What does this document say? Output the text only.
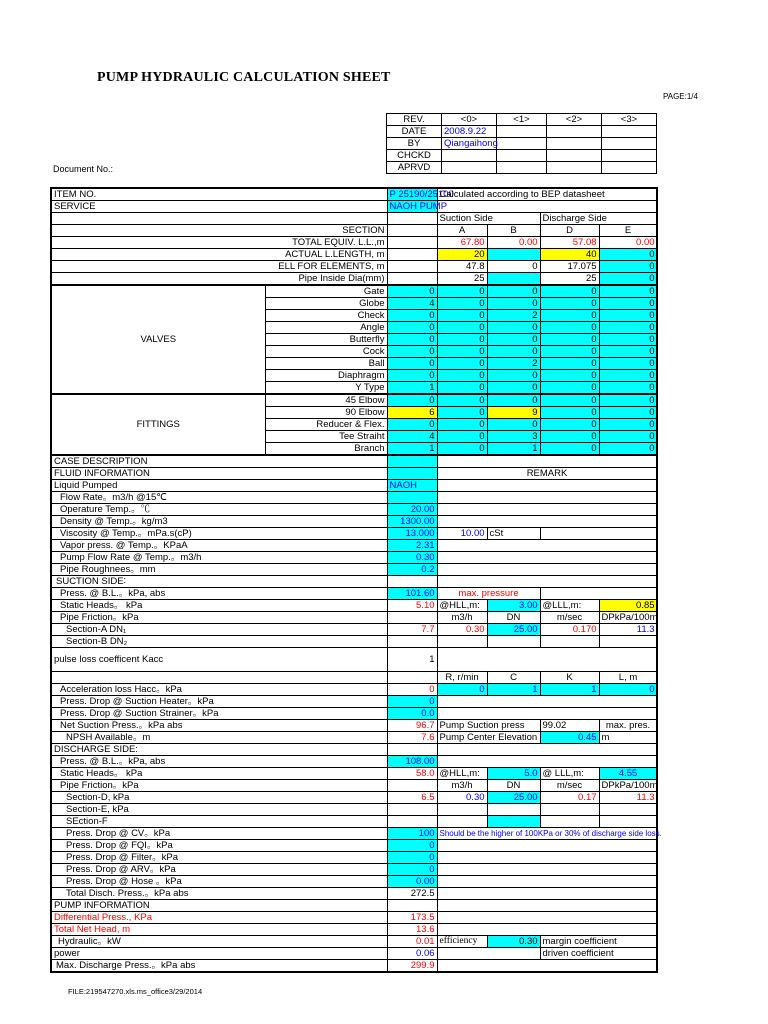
PUMP HYDRAULIC CALCULATION SHEET
PAGE:1/4
Document No.:
REV.	<0>	<1>	<2>	<3>
DATE	2008.9.22			
BY	Qiangaihong			
CHCKD				
APRVD				
ITEM NO.		P 25190/25100	Calculated according to BEP datasheet				
SERVICE		NAOH PUMP					
			Suction Side		Discharge Side		
SECTION			A	B	D	E	
TOTAL EQUIV. L.L.,m			67.80	0.00	57.08	0.00	
ACTUAL L.LENGTH, m			20		40	0	
ELL FOR ELEMENTS, m			47.8	0	17.075	0	
Pipe Inside Dia(mm)			25		25	0	
VALVES	Gate	0	0	0	0	0	
	Globe	4	0	0	0	0	
	Check	0	0	2	0	0	
	Angle	0	0	0	0	0	
	Butterfly	0	0	0	0	0	
	Cock	0	0	0	0	0	
	Ball	0	0	2	0	0	
	Diaphragm	0	0	0	0	0	
	Y Type	1	0	0	0	0	
FITTINGS	45 Elbow	0	0	0	0	0	
	90 Elbow	6	0	9	0	0	
	Reducer & Flex.	0	0	0	0	0	
	Tee Straiht	4	0	3	0	0	
	Branch	1	0	1	0	0	
CASE DESCRIPTION							
FLUID INFORMATION			REMARK				
Liquid Pumped		NAOH					
Flow Rate。m3/h @15℃							
Operature Temp.。℃		20.00					
Density @ Temp.。kg/m3		1300.00					
Viscosity @ Temp.。mPa.s(cP)		13.000	10.00	cSt			
Vapor press. @ Temp.。KPaA		2.31					
Pump Flow Rate @ Temp.。m3/h		0.30					
Pipe Roughnees。mm		0.2					
SUCTION SIDE∶							
Press. @ B.L.。kPa, abs		101.60	max. pressure				
Static Heads。 kPa		5.10	@HLL,m:	3.00	@LLL,m:	0.85	
Pipe Friction。kPa			m3/h	DN	m/sec	DPkPa/100m	
Section-A DN₁		7.7	0.30	25.00	0.170	11.3	
Section-B DN₂							
pulse loss coefficent Kacc		1					
			R, r/min	C	K	L, m	
Acceleration loss Hacc。kPa		0	0	1	1	0	
Press. Drop @ Suction Heater。kPa		0					
Press. Drop @ Suction Strainer。kPa		0.0					
Net Suction Press.。kPa abs		96.7	Pump Suction press		99.02	max. pres.	
NPSH Available。m		7.6	Pump Center Elevation		0.45	m	
DISCHARGE SIDE:							
Press. @ B.L.。kPa, abs		108.00					
Static Heads。 kPa		58.0	@HLL,m:	5.0	@ LLL,m:	4.55	
Pipe Friction。kPa			m3/h	DN	m/sec	DPkPa/100m	
Section-D, kPa		6.5	0.30	25.00	0.17	11.3	
Section-E, kPa							
SEction-F							
Press. Drop @ CV。kPa		100	Should be the higher of 100KPa or 30% of discharge side loss.				
Press. Drop @ FQI。kPa		0					
Press. Drop @ Filter。kPa		0					
Press. Drop @ ARV。kPa		0					
Press. Drop @ Hose 。kPa		0.00					
Total Disch. Press.。kPa abs		272.5					
PUMP INFORMATION							
Differential Press., KPa		173.5					
Total Net Head, m		13.6					
Hydraulic。kW		0.01	efficiency	0.30	margin coefficient	
power		0.06			driven coefficient	
Max. Discharge Press.。kPa abs		299.9					
FILE:219547270.xls.ms_office3/29/2014
